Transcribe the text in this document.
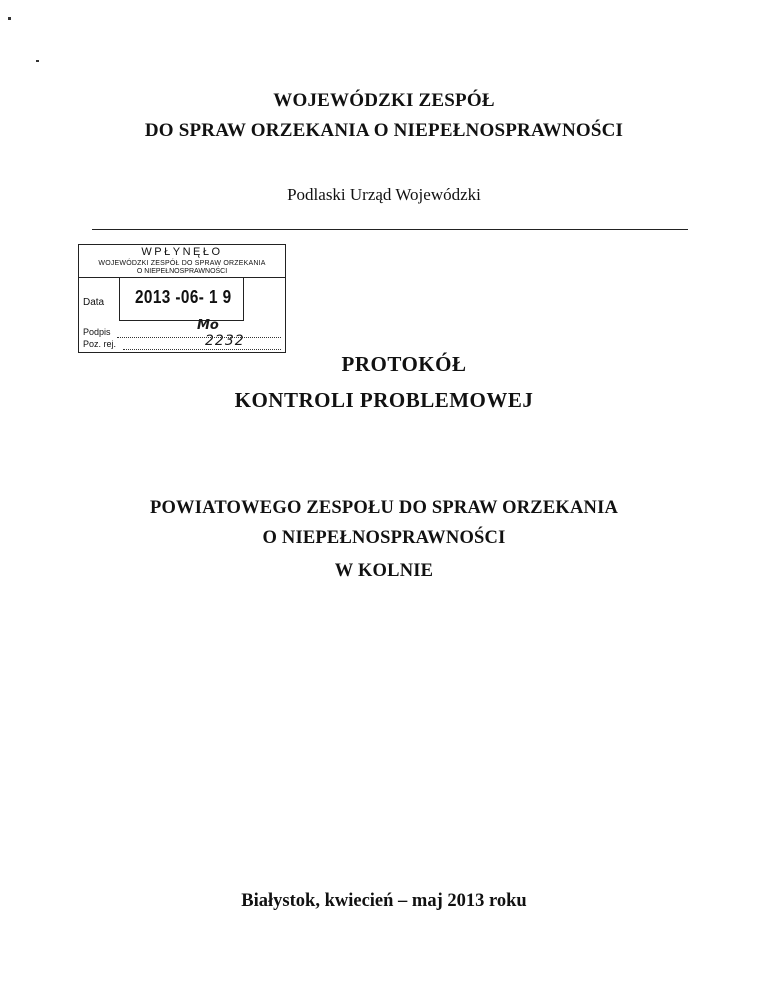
WOJEWÓDZKI ZESPÓŁ
DO SPRAW ORZEKANIA O NIEPEŁNOSPRAWNOŚCI
Podlaski Urząd Wojewódzki
WPŁYNĘŁO
WOJEWÓDZKI ZESPÓŁ DO SPRAW ORZEKANIA
O NIEPEŁNOSPRAWNOŚCI
Data 2013 -06- 1 9
Podpis	Mo
Poz. rej.	2232
PROTOKÓŁ
KONTROLI PROBLEMOWEJ
POWIATOWEGO ZESPOŁU DO SPRAW ORZEKANIA
O NIEPEŁNOSPRAWNOŚCI
W KOLNIE
Białystok, kwiecień – maj 2013 roku
